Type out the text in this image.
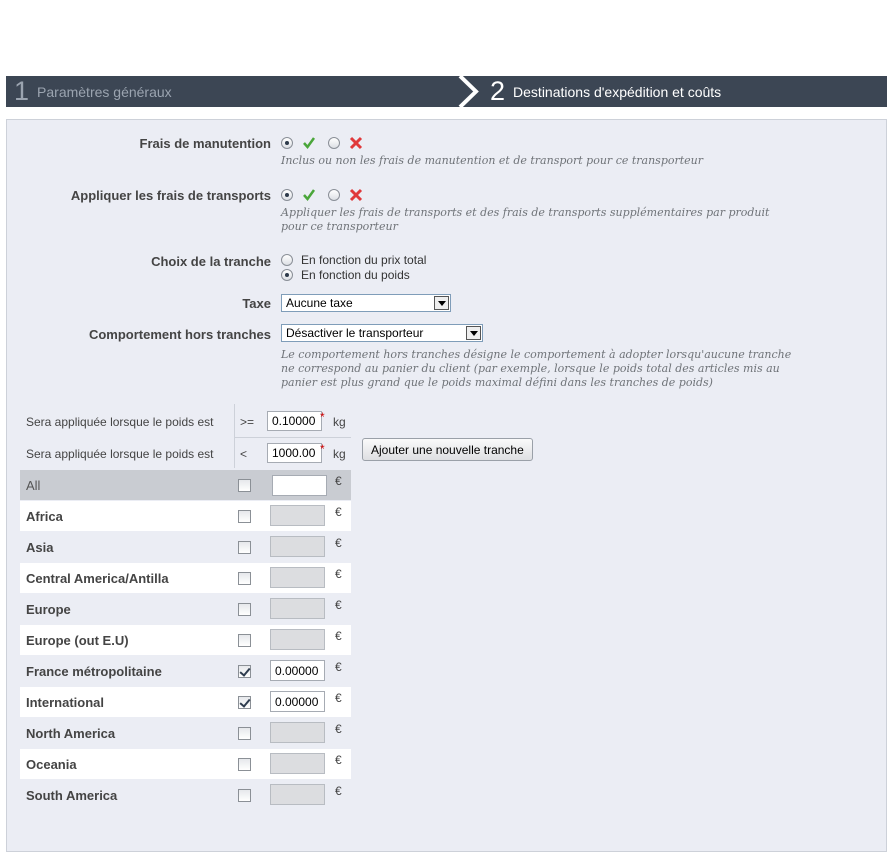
1 Paramètres généraux	2 Destinations d'expédition et coûts
Frais de manutention

Inclus ou non les frais de manutention et de transport pour ce transporteur
Appliquer les frais de transports

Appliquer les frais de transports et des frais de transports supplémentaires par produit
pour ce transporteur
Choix de la tranche	En fonction du prix total
En fonction du poids
Taxe Aucune taxe
Comportement hors tranches Désactiver le transporteur
Le comportement hors tranches désigne le comportement à adopter lorsqu'aucune tranche
ne correspond au panier du client (par exemple, lorsque le poids total des articles mis au
panier est plus grand que le poids maximal défini dans les tranches de poids)
Sera appliquée lorsque le poids est >=	0.10000 * kg
Sera appliquée lorsque le poids est <	1000.00 * kg	Ajouter une nouvelle tranche
All	€
Africa	€
Asia	€
Central America/Antilla	€
Europe	€
Europe (out E.U)	€
France métropolitaine	0.00000	€
International	0.00000	€
North America	€
Oceania	€
South America	€
